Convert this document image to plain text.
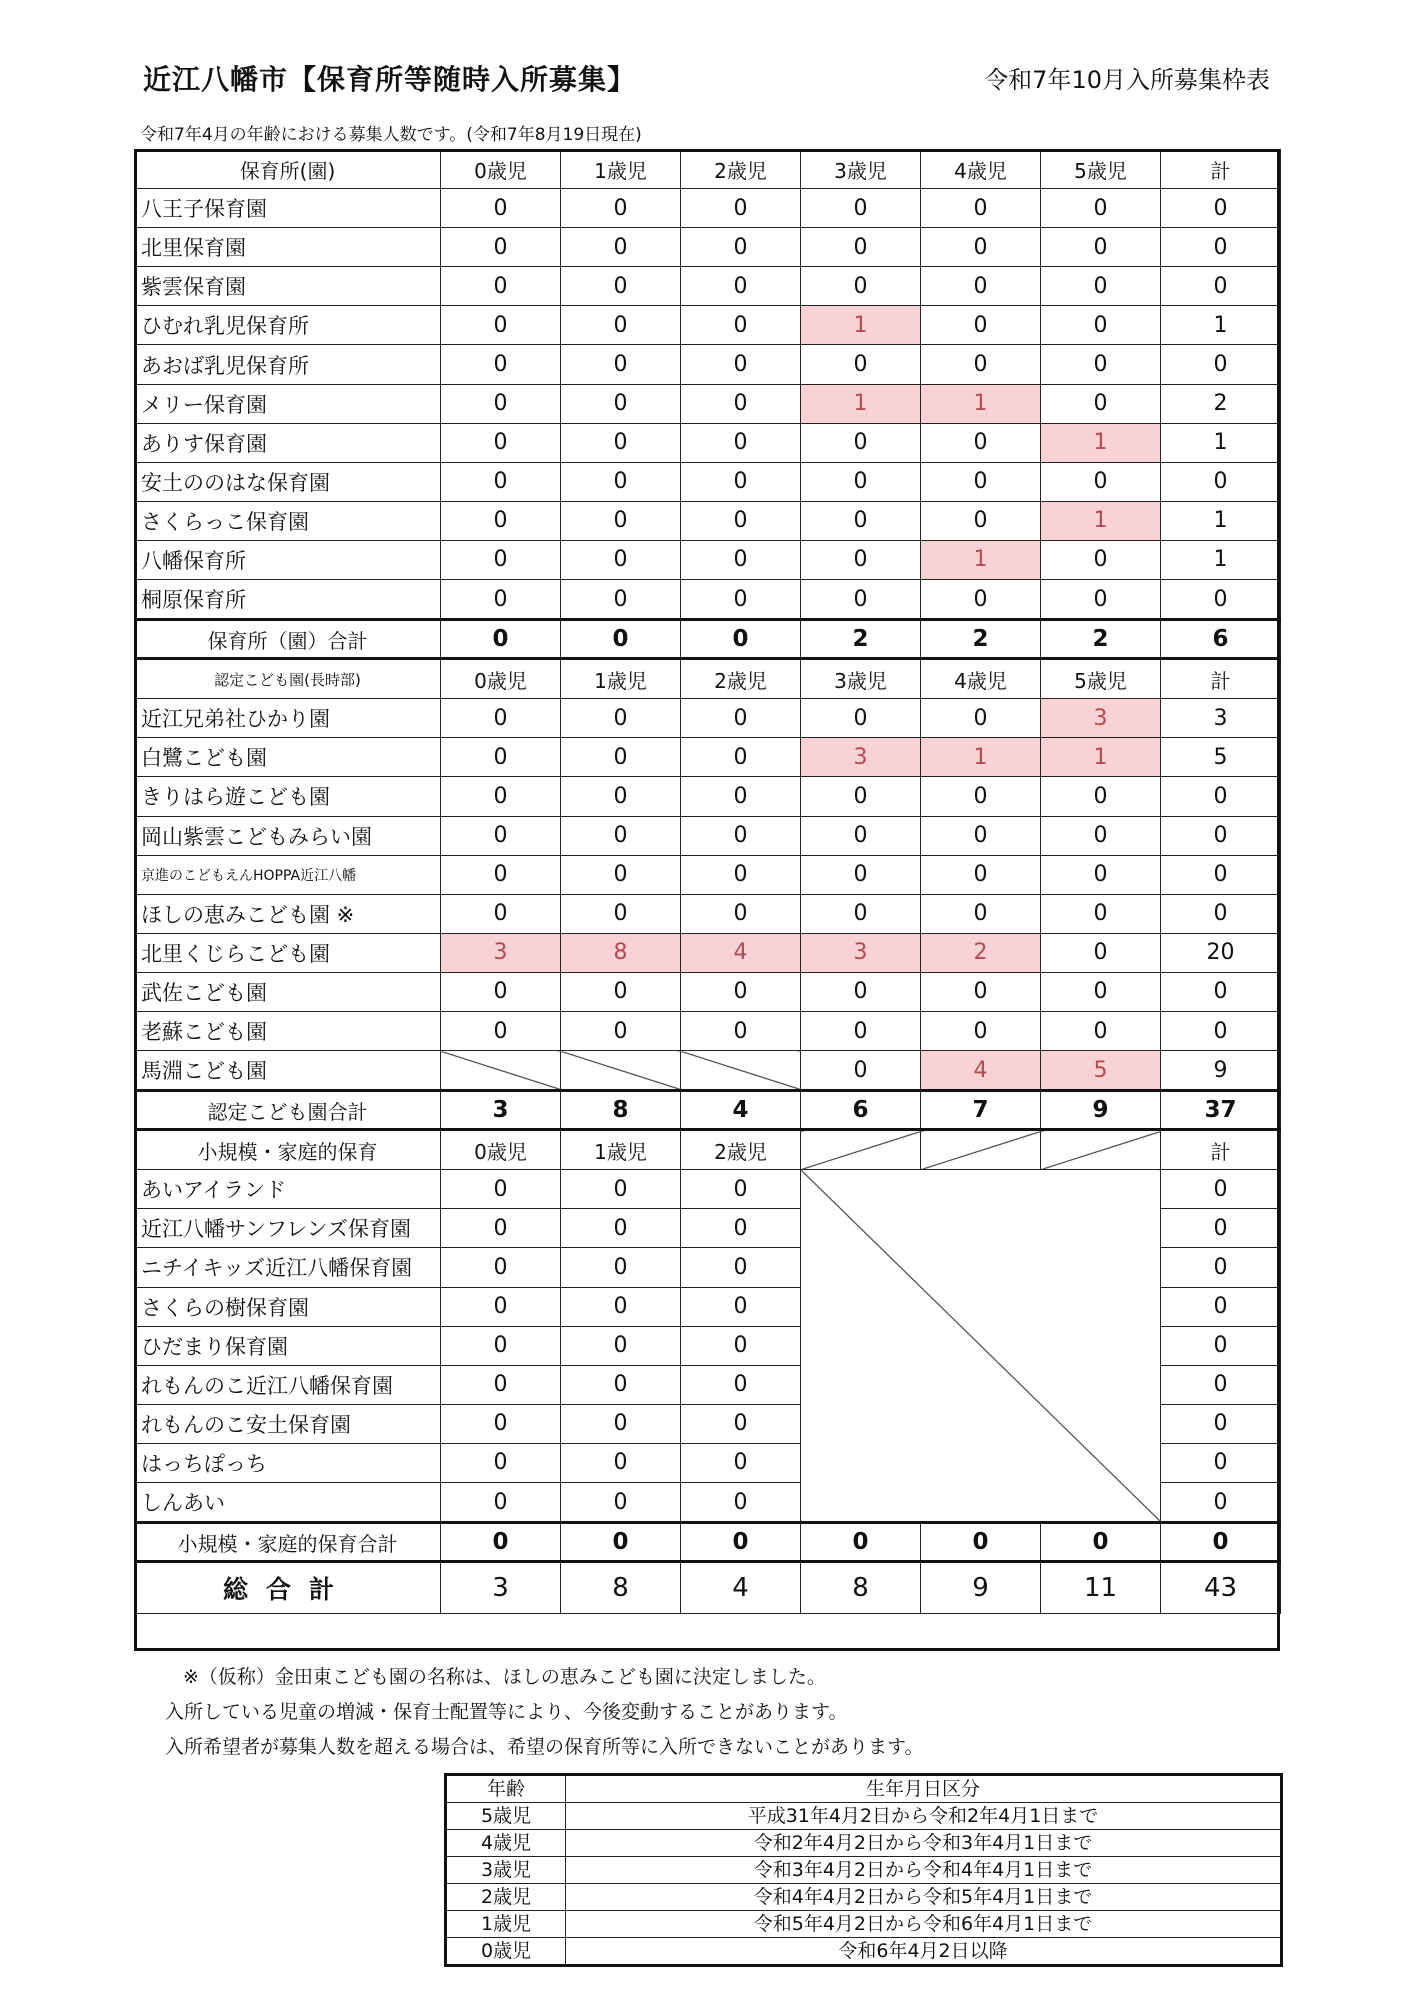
近江八幡市【保育所等随時入所募集】	令和7年10月入所募集枠表
令和7年4月の年齢における募集人数です。(令和7年8月19日現在)
保育所(園)	0歳児	1歳児	2歳児	3歳児	4歳児	5歳児	計
八王子保育園	0	0	0	0	0	0	0
北里保育園	0	0	0	0	0	0	0
紫雲保育園	0	0	0	0	0	0	0
ひむれ乳児保育所	0	0	0	1	0	0	1
あおば乳児保育所	0	0	0	0	0	0	0
メリー保育園	0	0	0	1	1	0	2
ありす保育園	0	0	0	0	0	1	1
安土ののはな保育園	0	0	0	0	0	0	0
さくらっこ保育園	0	0	0	0	0	1	1
八幡保育所	0	0	0	0	1	0	1
桐原保育所	0	0	0	0	0	0	0
保育所（園）合計	0	0	0	2	2	2	6
認定こども園(長時部)	0歳児	1歳児	2歳児	3歳児	4歳児	5歳児	計
近江兄弟社ひかり園	0	0	0	0	0	3	3
白鷺こども園	0	0	0	3	1	1	5
きりはら遊こども園	0	0	0	0	0	0	0
岡山紫雲こどもみらい園	0	0	0	0	0	0	0
京進のこどもえんHOPPA近江八幡	0	0	0	0	0	0	0
ほしの恵みこども園 ※	0	0	0	0	0	0	0
北里くじらこども園	3	8	4	3	2	0	20
武佐こども園	0	0	0	0	0	0	0
老蘇こども園	0	0	0	0	0	0	0
馬淵こども園				0	4	5	9
認定こども園合計	3	8	4	6	7	9	37
小規模・家庭的保育	0歳児	1歳児	2歳児				計
あいアイランド	0	0	0				0
近江八幡サンフレンズ保育園	0	0	0				0
ニチイキッズ近江八幡保育園	0	0	0				0
さくらの樹保育園	0	0	0				0
ひだまり保育園	0	0	0				0
れもんのこ近江八幡保育園	0	0	0				0
れもんのこ安土保育園	0	0	0				0
はっちぽっち	0	0	0				0
しんあい	0	0	0				0
小規模・家庭的保育合計	0	0	0	0	0	0	0
総合計	3	8	4	8	9	11	43
※（仮称）金田東こども園の名称は、ほしの恵みこども園に決定しました。
入所している児童の増減・保育士配置等により、今後変動することがあります。
入所希望者が募集人数を超える場合は、希望の保育所等に入所できないことがあります。
年齢	生年月日区分
5歳児	平成31年4月2日から令和2年4月1日まで
4歳児	令和2年4月2日から令和3年4月1日まで
3歳児	令和3年4月2日から令和4年4月1日まで
2歳児	令和4年4月2日から令和5年4月1日まで
1歳児	令和5年4月2日から令和6年4月1日まで
0歳児	令和6年4月2日以降
